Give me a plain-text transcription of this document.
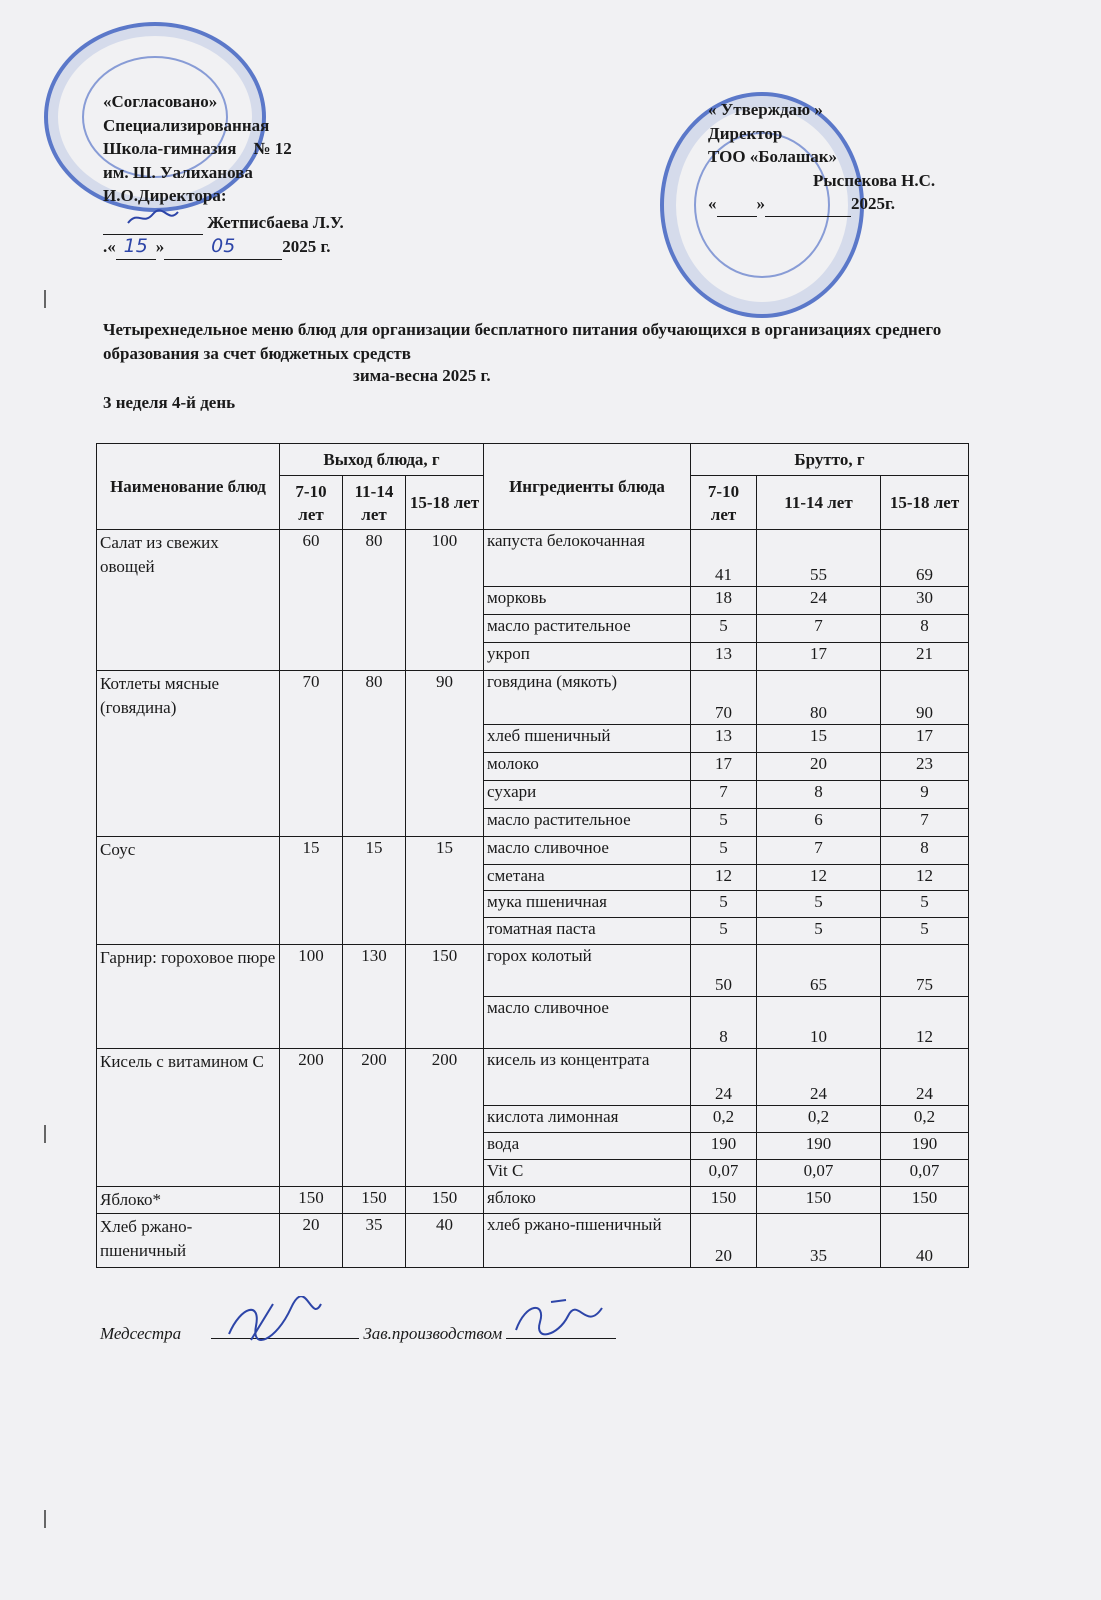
«Согласовано»
Специализированная
Школа-гимназия    № 12
им. Ш. Уалиханова
И.О.Директора:
Жетписбаева Л.У.
.« 15 » 05	2025 г.
« Утверждаю »
Директор
ТОО «Болашак»
Рыспекова Н.С.
« »	2025г.
Четырехнедельное меню блюд для организации бесплатного питания обучающихся в организациях среднего образования за счет бюджетных средств
зима-весна 2025 г.
3 неделя 4-й день
Наименование блюд	Выход блюда, г			Ингредиенты блюда	Брутто, г		
	7-10 лет	11-14 лет	15-18 лет		7-10 лет	11-14 лет	15-18 лет
Салат из свежих овощей	60	80	100	капуста белокочанная	41	55	69
				морковь	18	24	30
				масло растительное	5	7	8
				укроп	13	17	21
Котлеты мясные (говядина)	70	80	90	говядина (мякоть)	70	80	90
				хлеб пшеничный	13	15	17
				молоко	17	20	23
				сухари	7	8	9
				масло растительное	5	6	7
Соус	15	15	15	масло сливочное	5	7	8
				сметана	12	12	12
				мука пшеничная	5	5	5
				томатная паста	5	5	5
Гарнир: гороховое пюре	100	130	150	горох колотый	50	65	75
				масло сливочное	8	10	12
Кисель с витамином С	200	200	200	кисель из концентрата	24	24	24
				кислота лимонная	0,2	0,2	0,2
				вода	190	190	190
				Vit C	0,07	0,07	0,07
Яблоко*	150	150	150	яблоко	150	150	150
Хлеб ржано-пшеничный	20	35	40	хлеб ржано-пшеничный	20	35	40
Медсестра	Зав.производством
